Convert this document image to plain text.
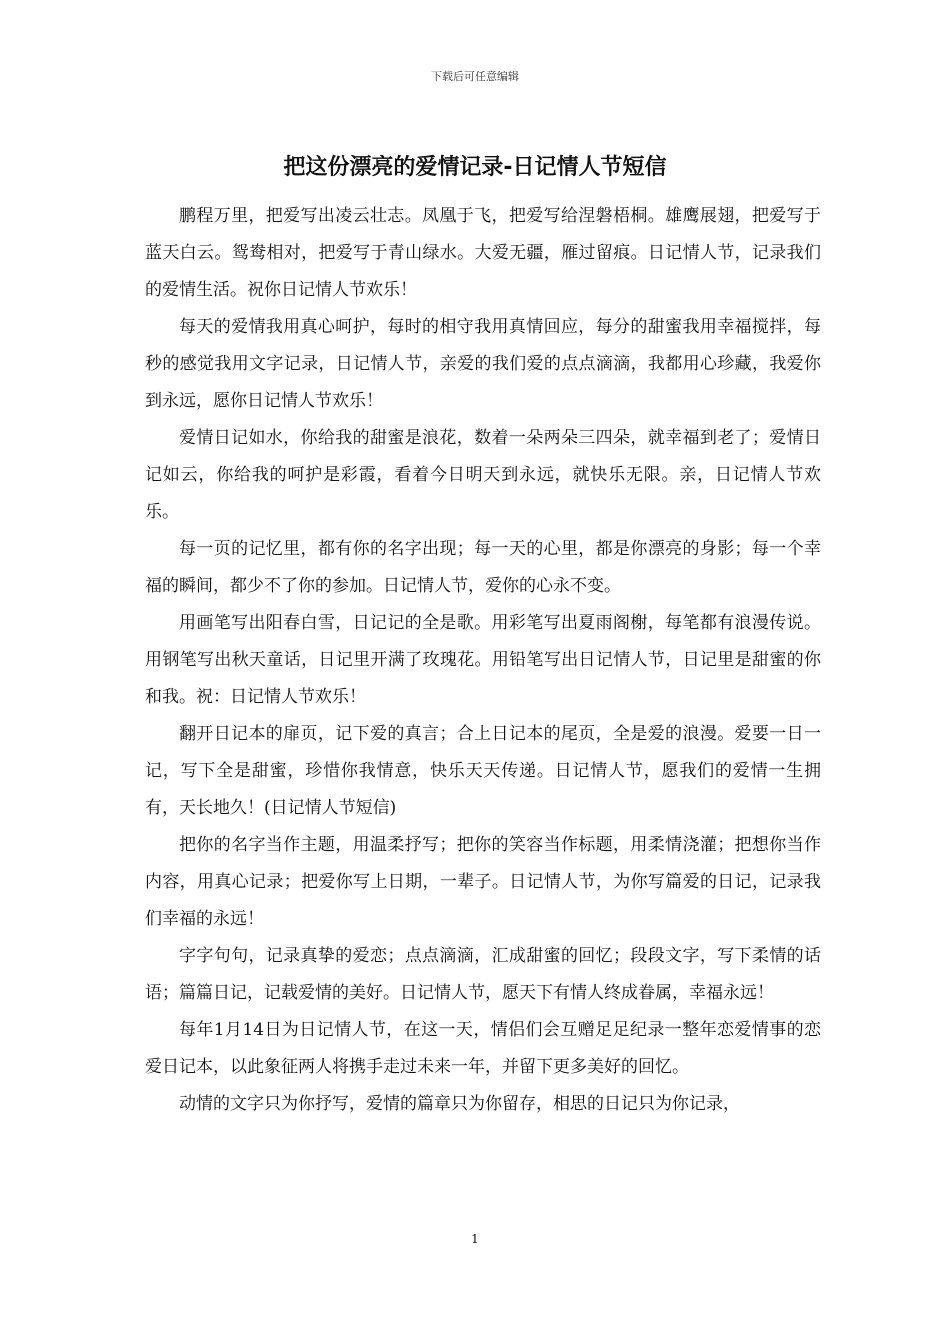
下载后可任意编辑
把这份漂亮的爱情记录-日记情人节短信

鹏程万里，把爱写出凌云壮志。凤凰于飞，把爱写给涅磐梧桐。雄鹰展翅，把爱写于蓝天白云。鸳鸯相对，把爱写于青山绿水。大爱无疆，雁过留痕。日记情人节，记录我们的爱情生活。祝你日记情人节欢乐！

每天的爱情我用真心呵护，每时的相守我用真情回应，每分的甜蜜我用幸福搅拌，每秒的感觉我用文字记录，日记情人节，亲爱的我们爱的点点滴滴，我都用心珍藏，我爱你到永远，愿你日记情人节欢乐！

爱情日记如水，你给我的甜蜜是浪花，数着一朵两朵三四朵，就幸福到老了；爱情日记如云，你给我的呵护是彩霞，看着今日明天到永远，就快乐无限。亲，日记情人节欢乐。

每一页的记忆里，都有你的名字出现；每一天的心里，都是你漂亮的身影；每一个幸福的瞬间，都少不了你的参加。日记情人节，爱你的心永不变。

用画笔写出阳春白雪，日记记的全是歌。用彩笔写出夏雨阁榭，每笔都有浪漫传说。用钢笔写出秋天童话，日记里开满了玫瑰花。用铅笔写出日记情人节，日记里是甜蜜的你和我。祝：日记情人节欢乐！

翻开日记本的扉页，记下爱的真言；合上日记本的尾页，全是爱的浪漫。爱要一日一记，写下全是甜蜜，珍惜你我情意，快乐天天传递。日记情人节，愿我们的爱情一生拥有，天长地久！(日记情人节短信)

把你的名字当作主题，用温柔抒写；把你的笑容当作标题，用柔情浇灌；把想你当作内容，用真心记录；把爱你写上日期，一辈子。日记情人节，为你写篇爱的日记，记录我们幸福的永远！

字字句句，记录真挚的爱恋；点点滴滴，汇成甜蜜的回忆；段段文字，写下柔情的话语；篇篇日记，记载爱情的美好。日记情人节，愿天下有情人终成眷属，幸福永远！

每年1月14日为日记情人节，在这一天，情侣们会互赠足足纪录一整年恋爱情事的恋爱日记本，以此象征两人将携手走过未来一年，并留下更多美好的回忆。

动情的文字只为你抒写，爱情的篇章只为你留存，相思的日记只为你记录，

1
